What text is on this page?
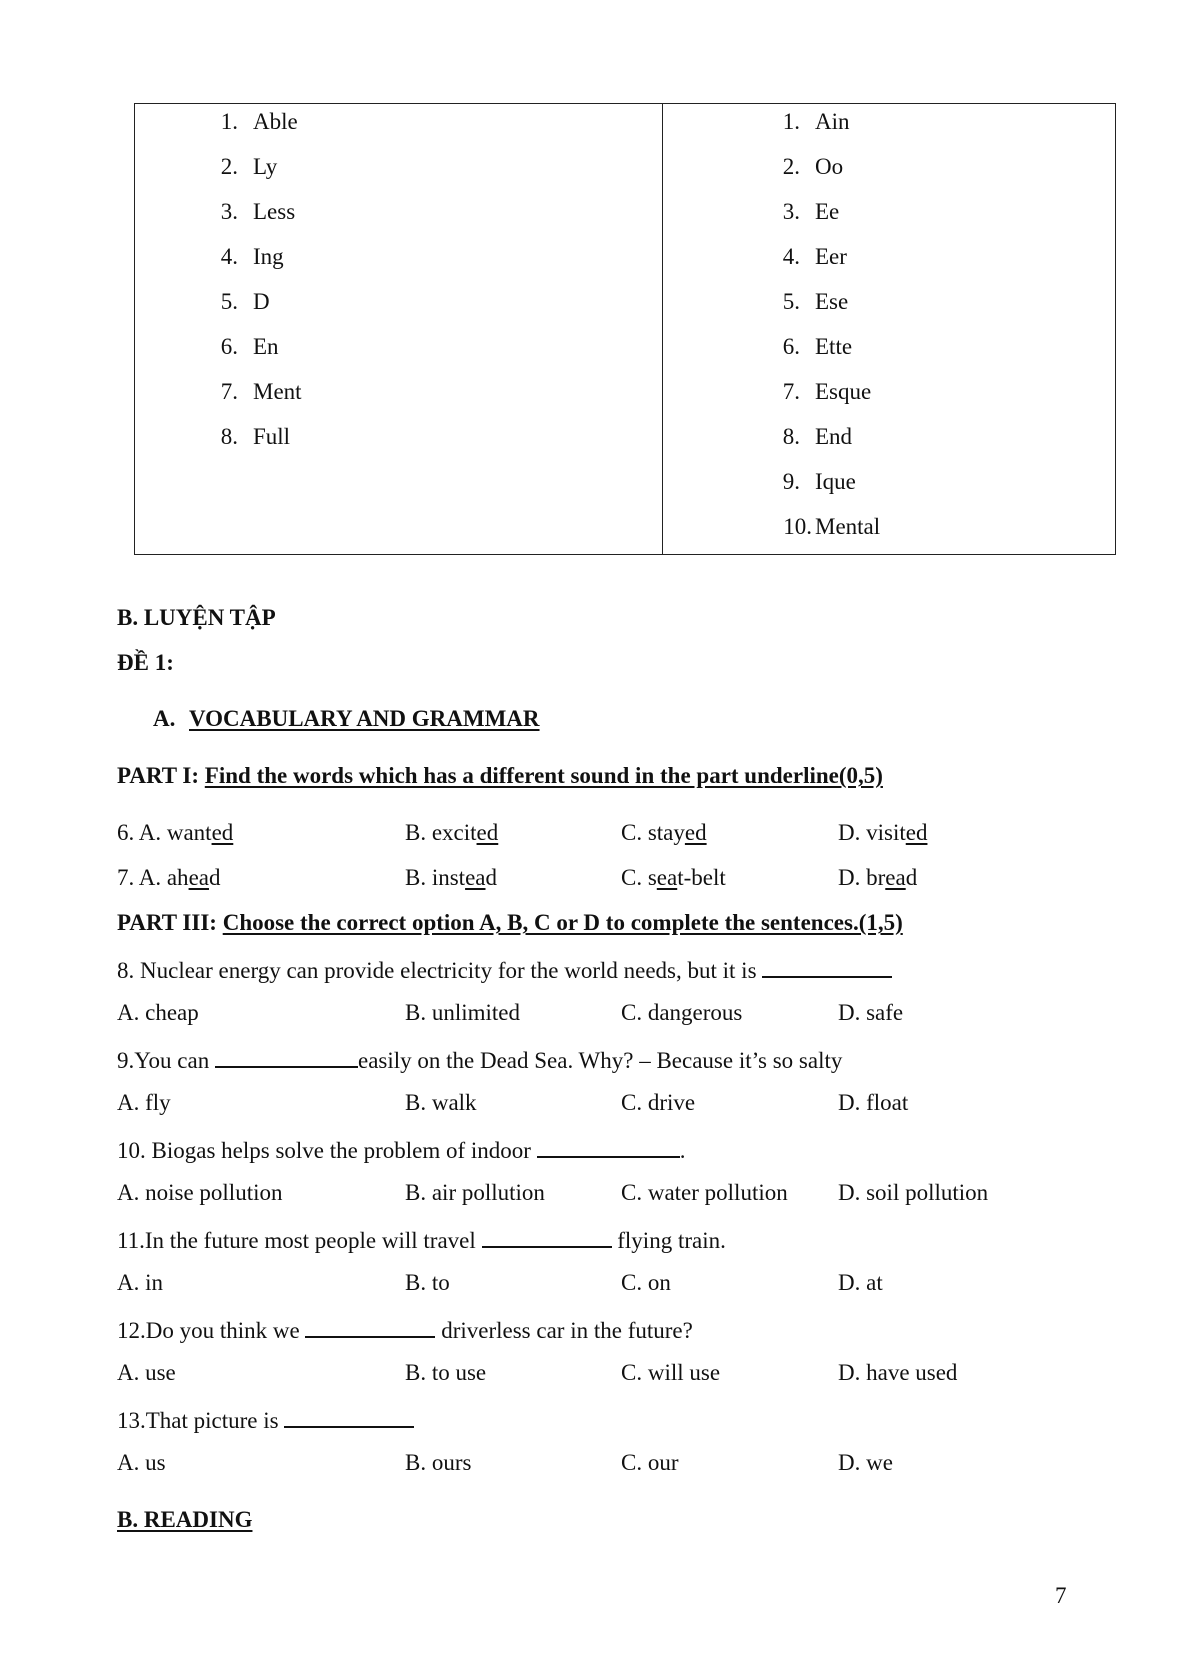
1. Able
2. Ly
3. Less
4. Ing
5. D
6. En
7. Ment
8. Full
1. Ain
2. Oo
3. Ee
4. Eer
5. Ese
6. Ette
7. Esque
8. End
9. Ique
10. Mental
B. LUYỆN TẬP
ĐỀ 1:
A. VOCABULARY AND GRAMMAR
PART I: Find the words which has a different sound in the part underline(0,5)
6. A. wanted	B. excited	C. stayed	D. visited
7. A. ahead	B. instead	C. seat-belt	D. bread
PART III: Choose the correct option A, B, C or D to complete the sentences.(1,5)
8. Nuclear energy can provide electricity for the world needs, but it is
A. cheap	B. unlimited	C. dangerous	D. safe
9.You can	easily on the Dead Sea. Why? – Because it’s so salty
A. fly	B. walk	C. drive	D. float
10. Biogas helps solve the problem of indoor	.
A. noise pollution	B. air pollution	C. water pollution D. soil pollution
11.In the future most people will travel	flying train.
A. in	B. to	C. on	D. at
12.Do you think we	driverless car in the future?
A. use	B. to use	C. will use	D. have used
13.That picture is
A. us	B. ours	C. our	D. we
B. READING
7
